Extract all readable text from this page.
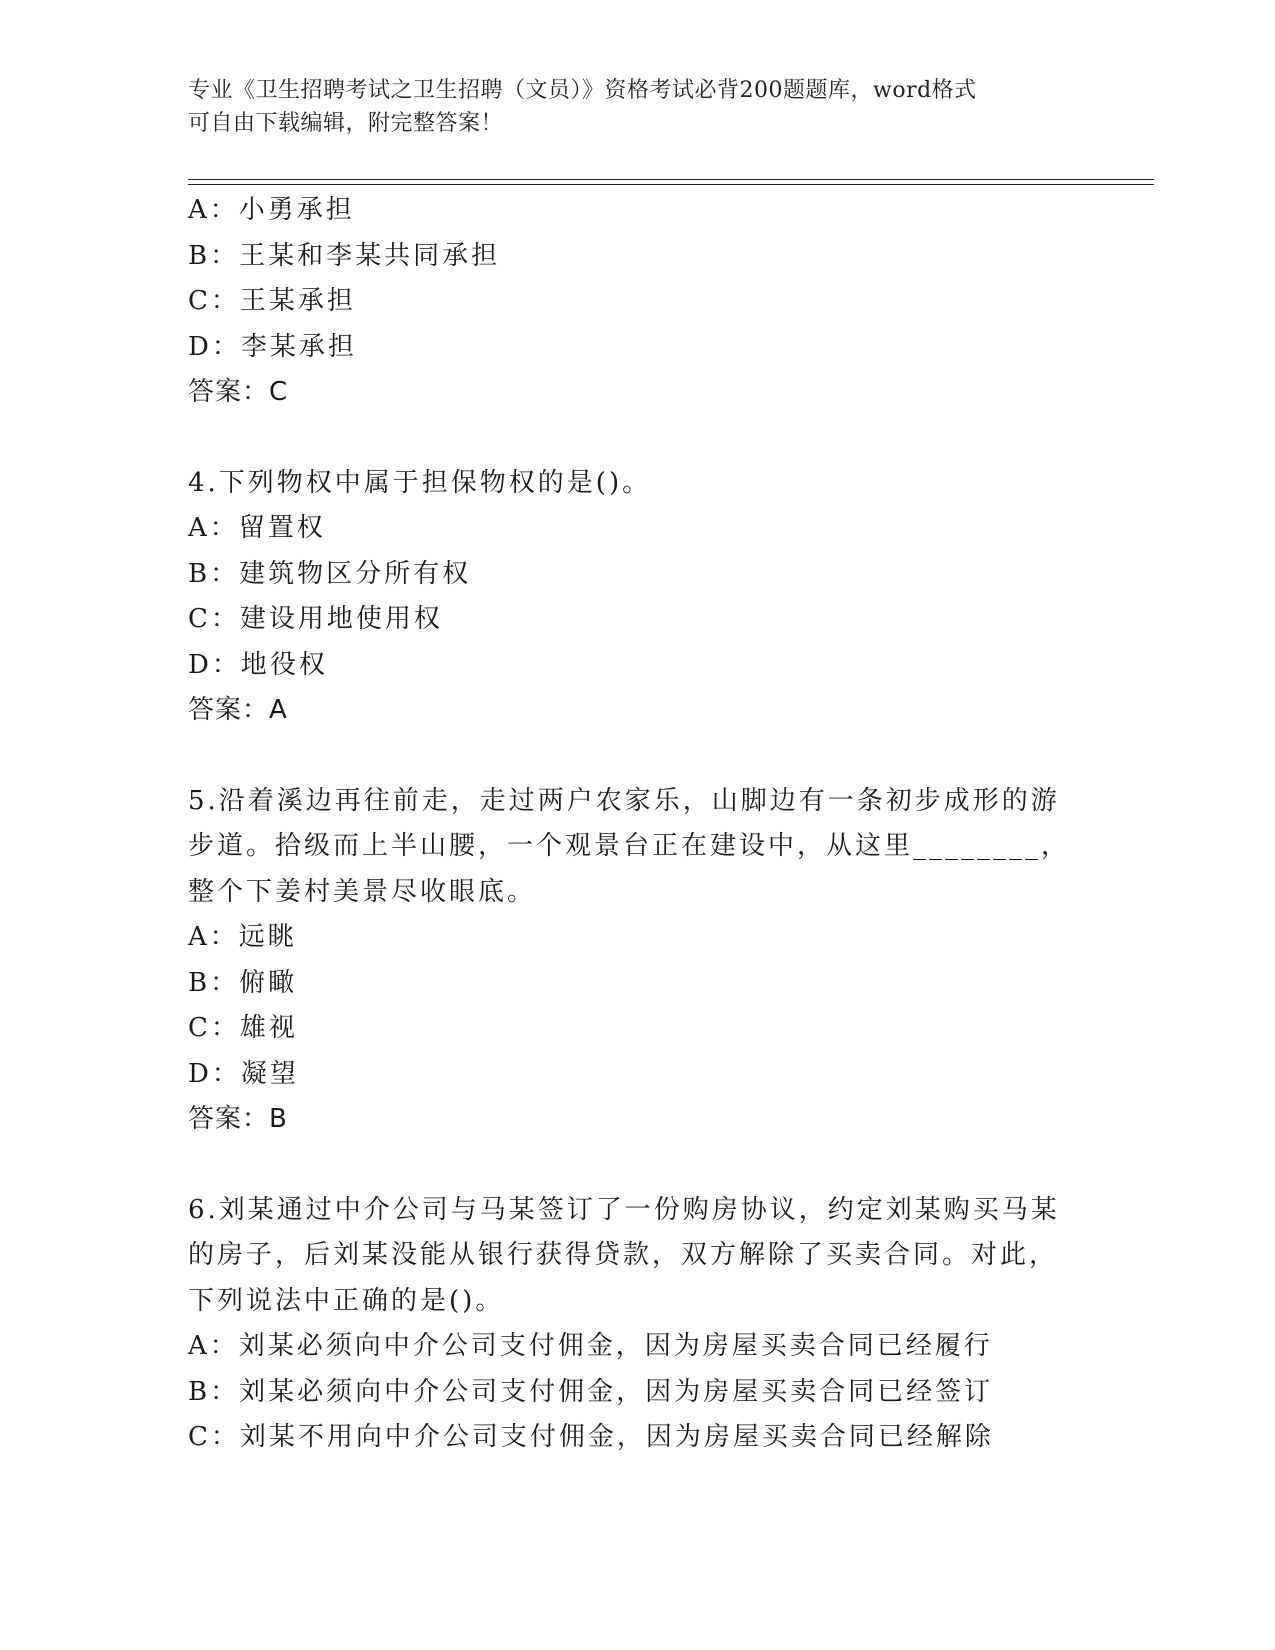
专业《卫生招聘考试之卫生招聘（文员）》资格考试必背200题题库，word格式
可自由下载编辑，附完整答案！
A：小勇承担
B：王某和李某共同承担
C：王某承担
D：李某承担
答案：C
4.下列物权中属于担保物权的是()。
A：留置权
B：建筑物区分所有权
C：建设用地使用权
D：地役权
答案：A
5.沿着溪边再往前走，走过两户农家乐，山脚边有一条初步成形的游
步道。拾级而上半山腰，一个观景台正在建设中，从这里________，
整个下姜村美景尽收眼底。
A：远眺
B：俯瞰
C：雄视
D：凝望
答案：B
6.刘某通过中介公司与马某签订了一份购房协议，约定刘某购买马某
的房子，后刘某没能从银行获得贷款，双方解除了买卖合同。对此，
下列说法中正确的是()。
A：刘某必须向中介公司支付佣金，因为房屋买卖合同已经履行
B：刘某必须向中介公司支付佣金，因为房屋买卖合同已经签订
C：刘某不用向中介公司支付佣金，因为房屋买卖合同已经解除
